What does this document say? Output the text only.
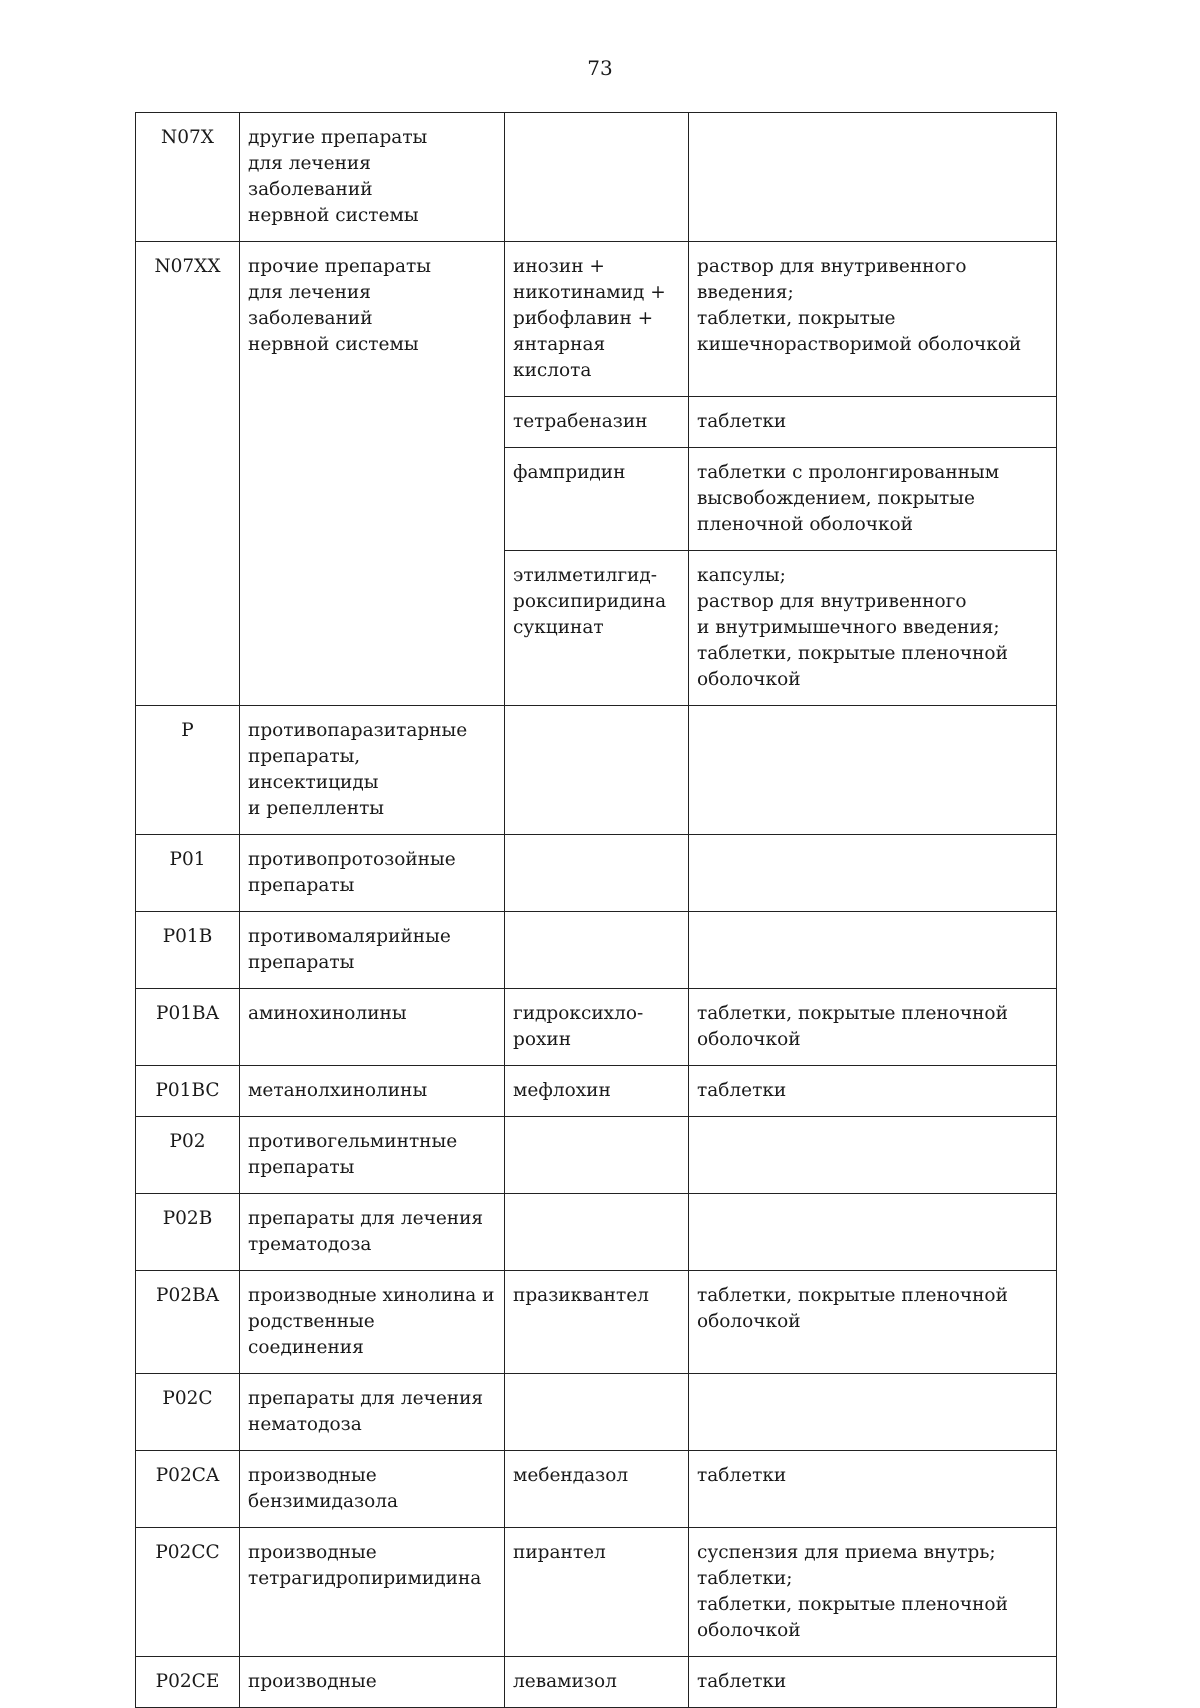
73
N07X	другие препараты
для лечения заболеваний
нервной системы		
N07XX	прочие препараты
для лечения заболеваний
нервной системы	инозин +
никотинамид +
рибофлавин +
янтарная кислота	раствор для внутривенного
введения;
таблетки, покрытые
кишечнорастворимой оболочкой
		тетрабеназин	таблетки
		фампридин	таблетки с пролонгированным
высвобождением, покрытые
пленочной оболочкой
		этилметилгид-
роксипиридина
сукцинат	капсулы;
раствор для внутривенного
и внутримышечного введения;
таблетки, покрытые пленочной
оболочкой
P	противопаразитарные
препараты, инсектициды
и репелленты		
P01	противопротозойные
препараты		
P01B	противомалярийные
препараты		
P01BA	аминохинолины	гидроксихло-
рохин	таблетки, покрытые пленочной
оболочкой
P01BC	метанолхинолины	мефлохин	таблетки
P02	противогельминтные
препараты		
P02B	препараты для лечения
трематодоза		
P02BA	производные хинолина и
родственные соединения	празиквантел	таблетки, покрытые пленочной
оболочкой
P02C	препараты для лечения
нематодоза		
P02CA	производные
бензимидазола	мебендазол	таблетки
P02CC	производные
тетрагидропиримидина	пирантел	суспензия для приема внутрь;
таблетки;
таблетки, покрытые пленочной
оболочкой
P02CE	производные	левамизол	таблетки
